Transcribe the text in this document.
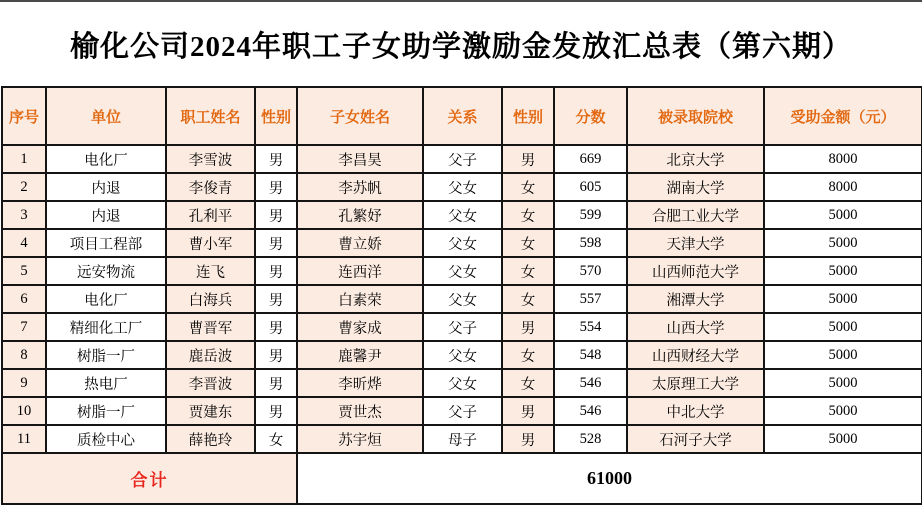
榆化公司2024年职工子女助学激励金发放汇总表（第六期）
序号	单位	职工姓名	性别	子女姓名	关系	性别	分数	被录取院校	受助金额（元）
1	电化厂	李雪波	男	李昌昊	父子	男	669	北京大学	8000
2	内退	李俊青	男	李苏帆	父女	女	605	湖南大学	8000
3	内退	孔利平	男	孔繁妤	父女	女	599	合肥工业大学	5000
4	项目工程部	曹小军	男	曹立娇	父女	女	598	天津大学	5000
5	远安物流	连飞	男	连西洋	父女	女	570	山西师范大学	5000
6	电化厂	白海兵	男	白素荣	父女	女	557	湘潭大学	5000
7	精细化工厂	曹晋军	男	曹家成	父子	男	554	山西大学	5000
8	树脂一厂	鹿岳波	男	鹿馨尹	父女	女	548	山西财经大学	5000
9	热电厂	李晋波	男	李昕烨	父女	女	546	太原理工大学	5000
10	树脂一厂	贾建东	男	贾世杰	父子	男	546	中北大学	5000
11	质检中心	薛艳玲	女	苏宇烜	母子	男	528	石河子大学	5000
合计				61000					
